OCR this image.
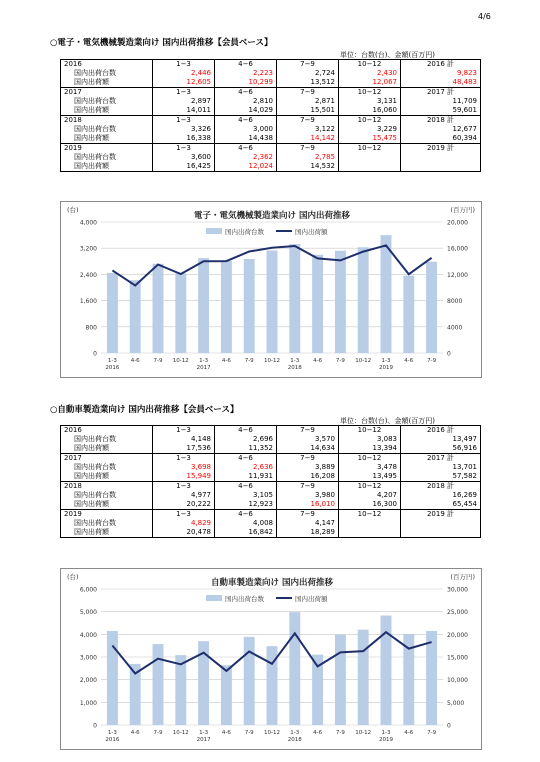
4/6
○電子・電気機械製造業向け 国内出荷推移【会員ベース】
単位：台数(台)、金額(百万円)
2016	1−3	4−6	7−9	10−12	2016 計
国内出荷台数	2,446	2,223	2,724	2,430	9,823
国内出荷額	12,605	10,299	13,512	12,067	48,483
2017	1−3	4−6	7−9	10−12	2017 計
国内出荷台数	2,897	2,810	2,871	3,131	11,709
国内出荷額	14,011	14,029	15,501	16,060	59,601
2018	1−3	4−6	7−9	10−12	2018 計
国内出荷台数	3,326	3,000	3,122	3,229	12,677
国内出荷額	16,338	14,438	14,142	15,475	60,394
2019	1−3	4−6	7−9	10−12	2019 計
国内出荷台数	3,600	2,362	2,785		
国内出荷額	16,425	12,024	14,532		
(台)	(百万円)
電子・電気機械製造業向け 国内出荷推移
0	0
800	4000
1,600	8000
2,400	12,000
3,200	16,000
4,000	20,000
1-3	4-6	7-9 10-12 1-3	4-6	7-9 10-12 1-3	4-6	7-9 10-12 1-3	4-6	7-9
2016	2017	2018	2019
国内出荷台数	国内出荷額
○自動車製造業向け 国内出荷推移【会員ベース】
単位：台数(台)、金額(百万円)
2016	1−3	4−6	7−9	10−12	2016 計
国内出荷台数	4,148	2,696	3,570	3,083	13,497
国内出荷額	17,536	11,352	14,634	13,394	56,916
2017	1−3	4−6	7−9	10−12	2017 計
国内出荷台数	3,698	2,636	3,889	3,478	13,701
国内出荷額	15,949	11,931	16,208	13,495	57,582
2018	1−3	4−6	7−9	10−12	2018 計
国内出荷台数	4,977	3,105	3,980	4,207	16,269
国内出荷額	20,222	12,923	16,010	16,300	65,454
2019	1−3	4−6	7−9	10−12	2019 計
国内出荷台数	4,829	4,008	4,147		
国内出荷額	20,478	16,842	18,289		
(台)	(百万円)
自動車製造業向け 国内出荷推移
0	0
1,000	5,000
2,000	10,000
3,000	15,000
4,000	20,000
5,000	25,000
6,000	30,000
1-3	4-6	7-9 10-12 1-3	4-6	7-9 10-12 1-3	4-6	7-9 10-12 1-3	4-6	7-9
2016	2017	2018	2019
国内出荷台数	国内出荷額
